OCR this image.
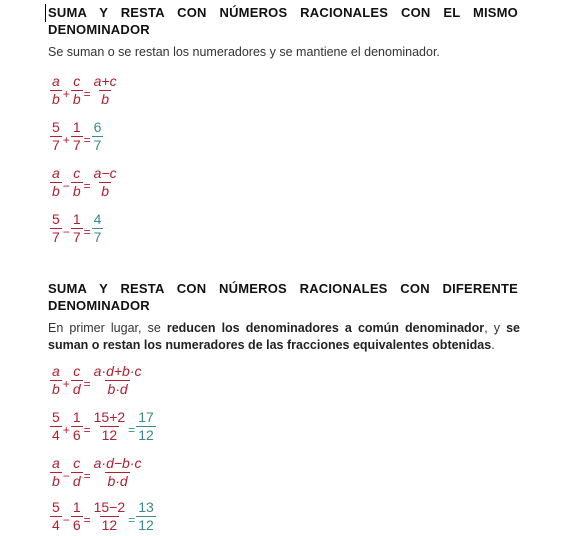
SUMA Y RESTA CON NÚMEROS RACIONALES CON EL MISMO DENOMINADOR
Se suman o se restan los numeradores y se mantiene el denominador.
$\frac{a}{b} + \frac{c}{b} = \frac{a+c}{b}$
$\frac{5}{7} + \frac{1}{7} = \frac{6}{7}$
$\frac{a}{b} - \frac{c}{b} = \frac{a-c}{b}$
$\frac{5}{7} - \frac{1}{7} = \frac{4}{7}$
SUMA Y RESTA CON NÚMEROS RACIONALES CON DIFERENTE DENOMINADOR
En primer lugar, se reducen los denominadores a común denominador, y se suman o restan los numeradores de las fracciones equivalentes obtenidas.
$\frac{a}{b} + \frac{c}{d} = \frac{a\cdot d+b\cdot c}{b\cdot d}$
$\frac{5}{4} + \frac{1}{6} = \frac{15+2}{12} = \frac{17}{12}$
$\frac{a}{b} - \frac{c}{d} = \frac{a\cdot d-b\cdot c}{b\cdot d}$
$\frac{5}{4} - \frac{1}{6} = \frac{15-2}{12} = \frac{13}{12}$
